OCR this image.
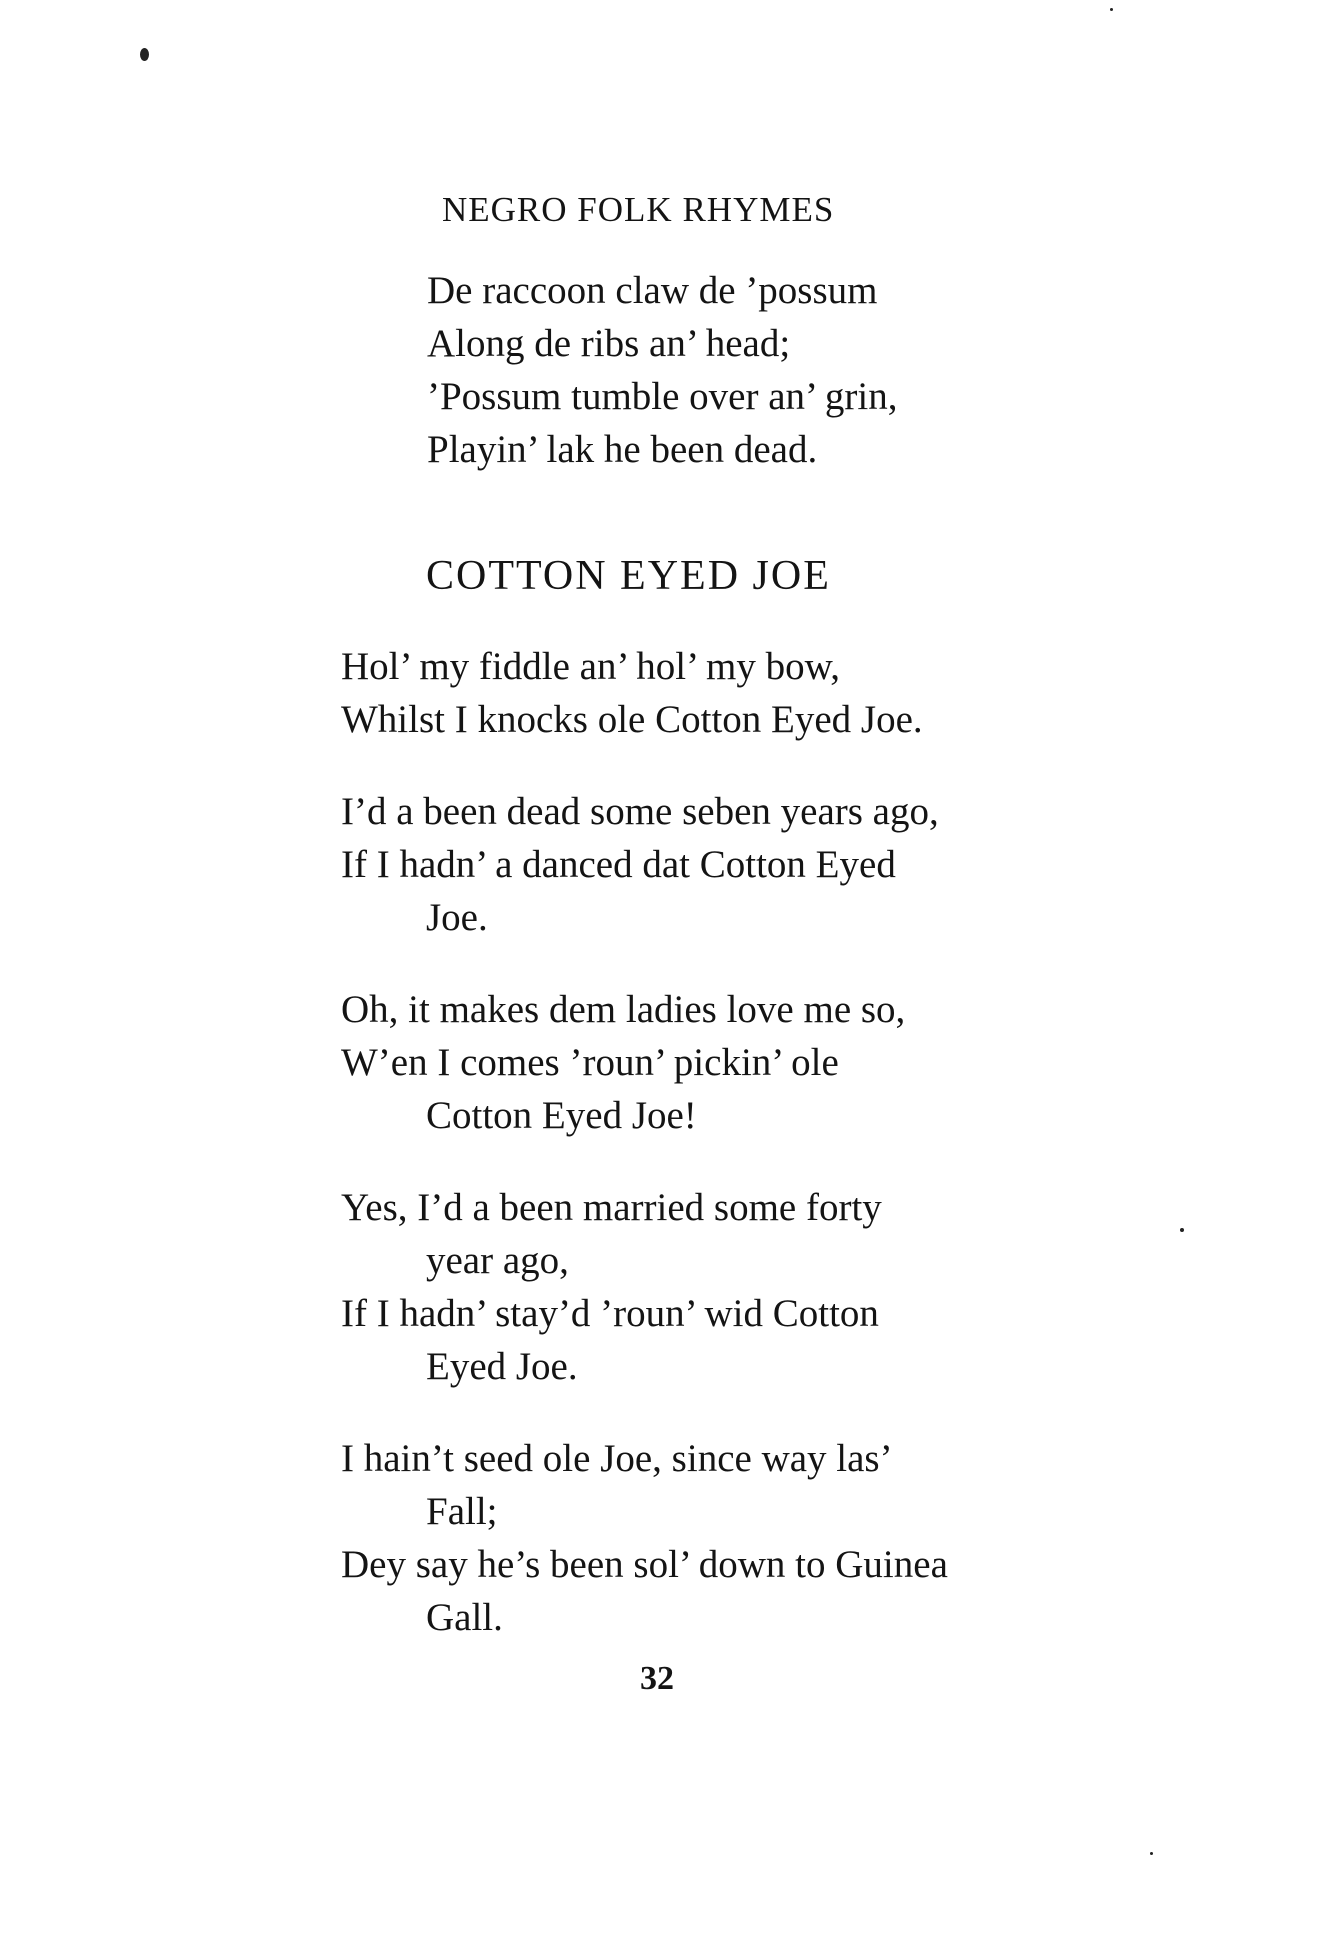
NEGRO FOLK RHYMES
De raccoon claw de ’possum
Along de ribs an’ head;
’Possum tumble over an’ grin,
Playin’ lak he been dead.
COTTON EYED JOE
Hol’ my fiddle an’ hol’ my bow,
Whilst I knocks ole Cotton Eyed Joe.
I’d a been dead some seben years ago,
If I hadn’ a danced dat Cotton Eyed
Joe.
Oh, it makes dem ladies love me so,
W’en I comes ’roun’ pickin’ ole
Cotton Eyed Joe!
Yes, I’d a been married some forty
year ago,
If I hadn’ stay’d ’roun’ wid Cotton
Eyed Joe.
I hain’t seed ole Joe, since way las’
Fall;
Dey say he’s been sol’ down to Guinea
Gall.
32
